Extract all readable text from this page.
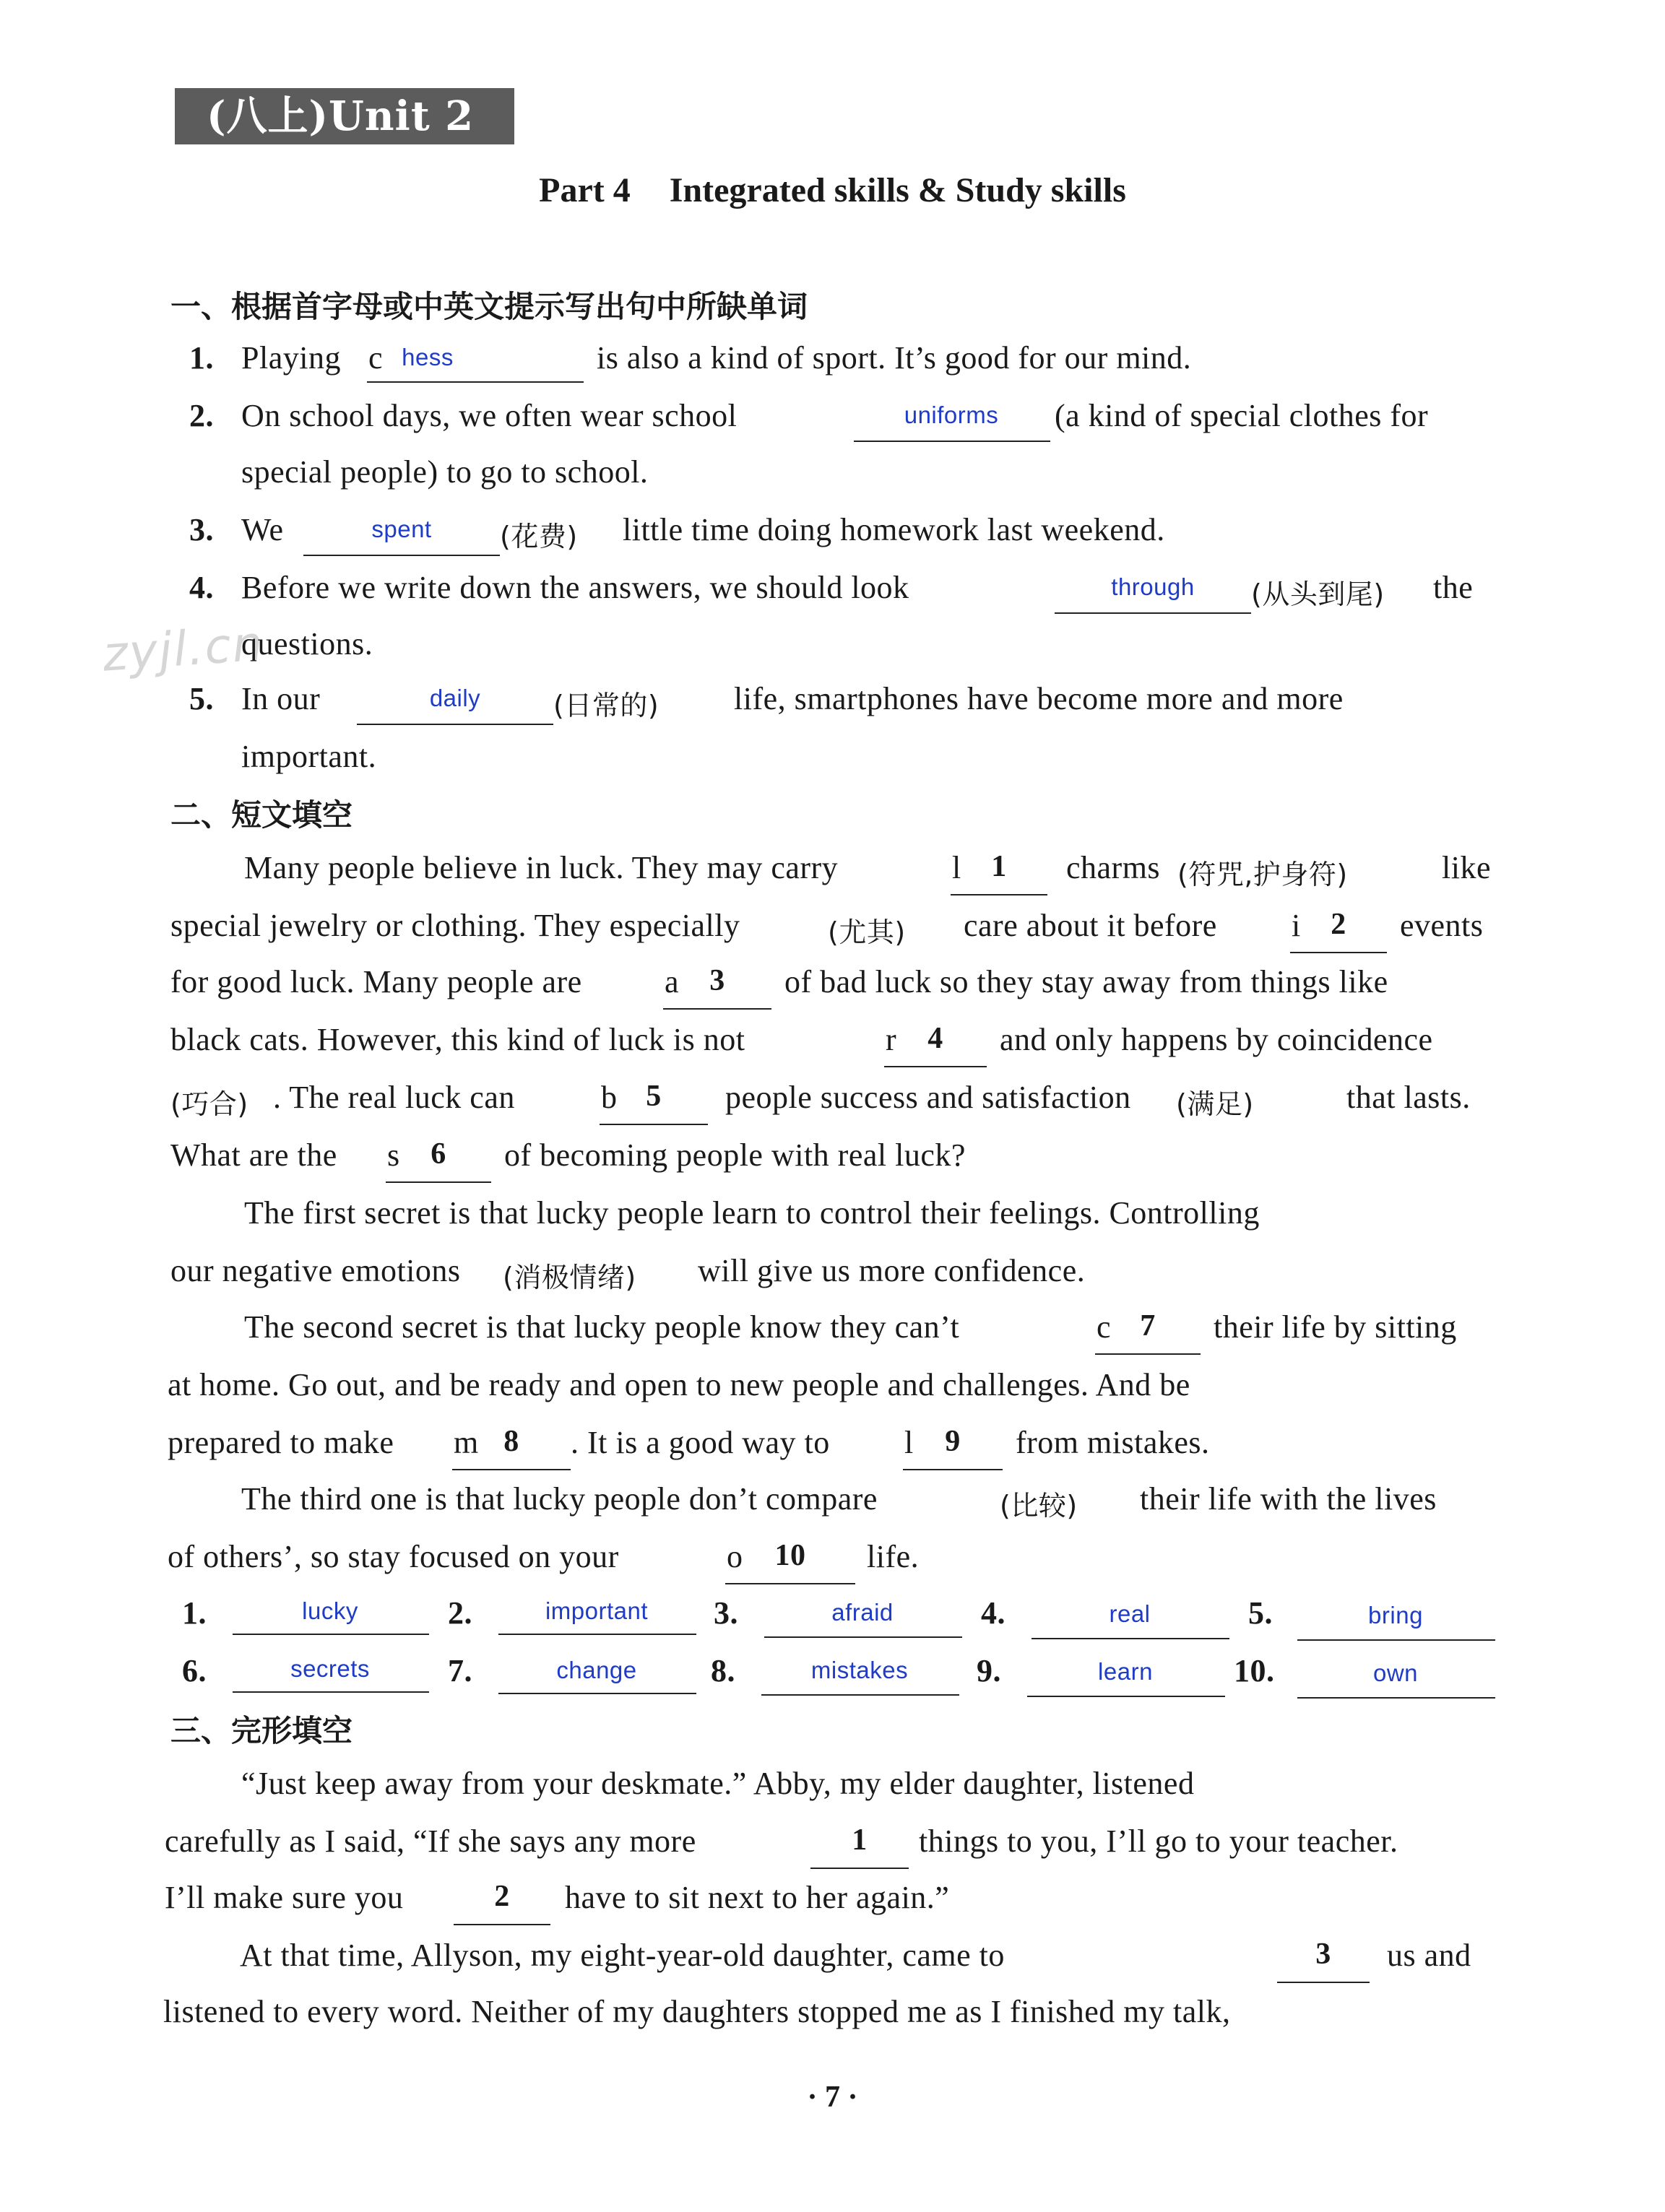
(八上)Unit 2
Part 4 Integrated skills & Study skills
zyjl.cn
一、根据首字母或中英文提示写出句中所缺单词
1. Playing c hess	is also a kind of sport. It’s good for our mind.
2. On school days, we often wear school	uniforms	(a kind of special clothes for
special people) to go to school.
3. We	spent	(花费) little time doing homework last weekend.
4. Before we write down the answers, we should look	through	(从头到尾) the
questions.
5. In our	daily	(日常的) life, smartphones have become more and more
important.
二、短文填空
Many people believe in luck. They may carry	l 1	charms (符咒,护身符)	like
special jewelry or clothing. They especially	(尤其) care about it before i 2	events
for good luck. Many people are	a	3	of bad luck so they stay away from things like
black cats. However, this kind of luck is not	r	4	and only happens by coincidence
(巧合) . The real luck can	b 5	people success and satisfaction (满足)	that lasts.
What are the s	6	of becoming people with real luck?
The first secret is that lucky people learn to control their feelings. Controlling
our negative emotions (消极情绪) will give us more confidence.
The second secret is that lucky people know they can’t	c 7	their life by sitting
at home. Go out, and be ready and open to new people and challenges. And be
prepared to make m 8	. It is a good way to l	9	from mistakes.
The third one is that lucky people don’t compare	(比较) their life with the lives
of others’, so stay focused on your	o	10	life.
1.	lucky	2.	important	3.	afraid	4.	real	5.	bring
6.	secrets	7.	change	8.	mistakes	9.	learn	10.	own
三、完形填空
“Just keep away from your deskmate.” Abby, my elder daughter, listened
carefully as I said, “If she says any more	1	things to you, I’ll go to your teacher.
I’ll make sure you	2	have to sit next to her again.”
At that time, Allyson, my eight-year-old daughter, came to	3	us and
listened to every word. Neither of my daughters stopped me as I finished my talk,
· 7 ·
